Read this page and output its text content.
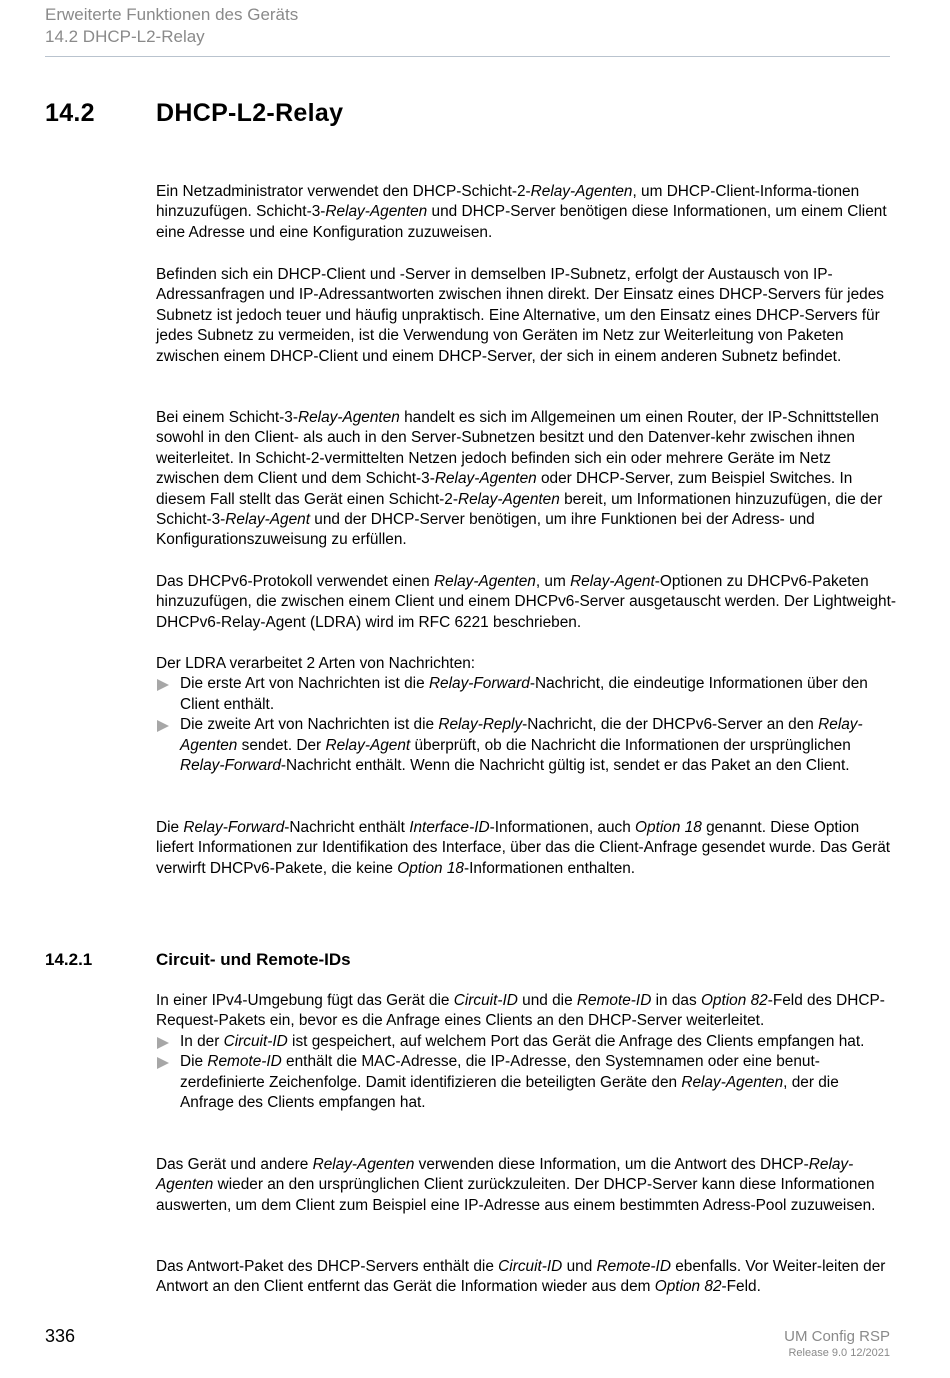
Erweiterte Funktionen des Geräts
14.2 DHCP-L2-Relay
14.2 DHCP-L2-Relay

Ein Netzadministrator verwendet den DHCP-Schicht-2-Relay-Agenten, um DHCP-Client-Informa-tionen hinzuzufügen. Schicht-3-Relay-Agenten und DHCP-Server benötigen diese Informationen, um einem Client eine Adresse und eine Konfiguration zuzuweisen.

Befinden sich ein DHCP-Client und -Server in demselben IP-Subnetz, erfolgt der Austausch von IP-Adressanfragen und IP-Adressantworten zwischen ihnen direkt. Der Einsatz eines DHCP-Servers für jedes Subnetz ist jedoch teuer und häufig unpraktisch. Eine Alternative, um den Einsatz eines DHCP-Servers für jedes Subnetz zu vermeiden, ist die Verwendung von Geräten im Netz zur Weiterleitung von Paketen zwischen einem DHCP-Client und einem DHCP-Server, der sich in einem anderen Subnetz befindet.

Bei einem Schicht-3-Relay-Agenten handelt es sich im Allgemeinen um einen Router, der IP-Schnittstellen sowohl in den Client- als auch in den Server-Subnetzen besitzt und den Datenver-kehr zwischen ihnen weiterleitet. In Schicht-2-vermittelten Netzen jedoch befinden sich ein oder mehrere Geräte im Netz zwischen dem Client und dem Schicht-3-Relay-Agenten oder DHCP-Server, zum Beispiel Switches. In diesem Fall stellt das Gerät einen Schicht-2-Relay-Agenten bereit, um Informationen hinzuzufügen, die der Schicht-3-Relay-Agent und der DHCP-Server benötigen, um ihre Funktionen bei der Adress- und Konfigurationszuweisung zu erfüllen.

Das DHCPv6-Protokoll verwendet einen Relay-Agenten, um Relay-Agent-Optionen zu DHCPv6-Paketen hinzuzufügen, die zwischen einem Client und einem DHCPv6-Server ausgetauscht werden. Der Lightweight-DHCPv6-Relay-Agent (LDRA) wird im RFC 6221 beschrieben.

Der LDRA verarbeitet 2 Arten von Nachrichten:

Die erste Art von Nachrichten ist die Relay-Forward-Nachricht, die eindeutige Informationen über den Client enthält.
Die zweite Art von Nachrichten ist die Relay-Reply-Nachricht, die der DHCPv6-Server an den Relay-Agenten sendet. Der Relay-Agent überprüft, ob die Nachricht die Informationen der ursprünglichen Relay-Forward-Nachricht enthält. Wenn die Nachricht gültig ist, sendet er das Paket an den Client.

Die Relay-Forward-Nachricht enthält Interface-ID-Informationen, auch Option 18 genannt. Diese Option liefert Informationen zur Identifikation des Interface, über das die Client-Anfrage gesendet wurde. Das Gerät verwirft DHCPv6-Pakete, die keine Option 18-Informationen enthalten.

14.2.1	Circuit- und Remote-IDs

In einer IPv4-Umgebung fügt das Gerät die Circuit-ID und die Remote-ID in das Option 82-Feld des DHCP-Request-Pakets ein, bevor es die Anfrage eines Clients an den DHCP-Server weiterleitet.

In der Circuit-ID ist gespeichert, auf welchem Port das Gerät die Anfrage des Clients empfangen hat.
Die Remote-ID enthält die MAC-Adresse, die IP-Adresse, den Systemnamen oder eine benut-zerdefinierte Zeichenfolge. Damit identifizieren die beteiligten Geräte den Relay-Agenten, der die Anfrage des Clients empfangen hat.

Das Gerät und andere Relay-Agenten verwenden diese Information, um die Antwort des DHCP-Relay-Agenten wieder an den ursprünglichen Client zurückzuleiten. Der DHCP-Server kann diese Informationen auswerten, um dem Client zum Beispiel eine IP-Adresse aus einem bestimmten Adress-Pool zuzuweisen.

Das Antwort-Paket des DHCP-Servers enthält die Circuit-ID und Remote-ID ebenfalls. Vor Weiter-leiten der Antwort an den Client entfernt das Gerät die Information wieder aus dem Option 82-Feld.

336	UM Config RSP
Release 9.0 12/2021
